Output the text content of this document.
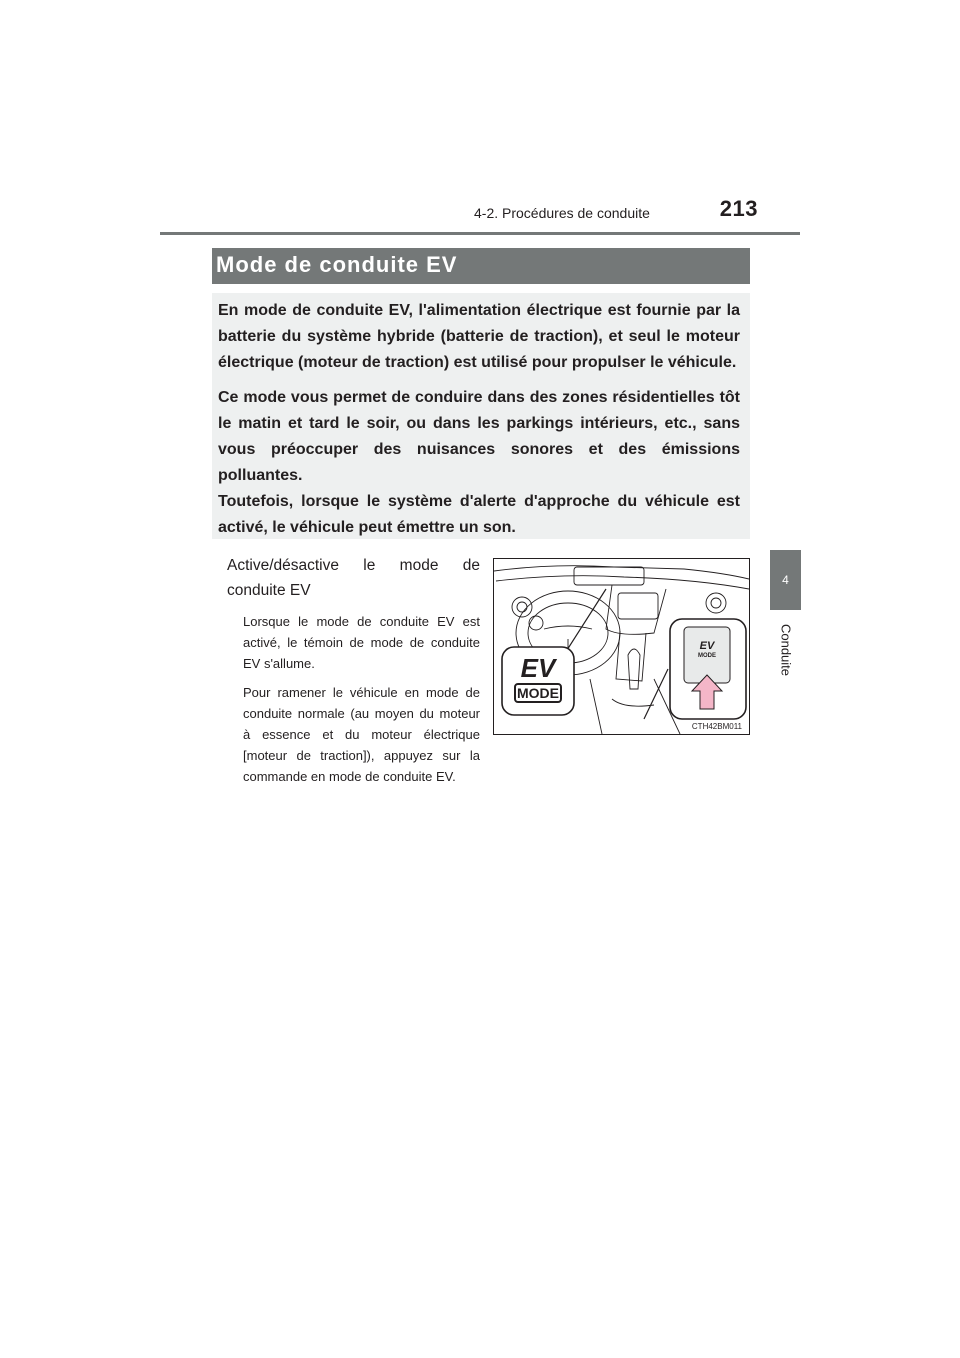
4-2. Procédures de conduite	213
4
Conduite
Mode de conduite EV

En mode de conduite EV, l'alimentation électrique est fournie par la batterie du système hybride (batterie de traction), et seul le moteur électrique (moteur de traction) est utilisé pour propulser le véhicule.

Ce mode vous permet de conduire dans des zones résidentielles tôt le matin et tard le soir, ou dans les parkings intérieurs, etc., sans vous préoccuper des nuisances sonores et des émissions polluantes.

Toutefois, lorsque le système d'alerte d'approche du véhicule est activé, le véhicule peut émettre un son.

Active/désactive le mode de
conduite EV

Lorsque le mode de conduite EV est activé, le témoin de mode de conduite EV s'allume.

Pour ramener le véhicule en mode de conduite normale (au moyen du moteur à essence et du moteur électrique [moteur de traction]), appuyez sur la commande en mode de conduite EV.

EV
MODE
EV
MODE
CTH42BM011
